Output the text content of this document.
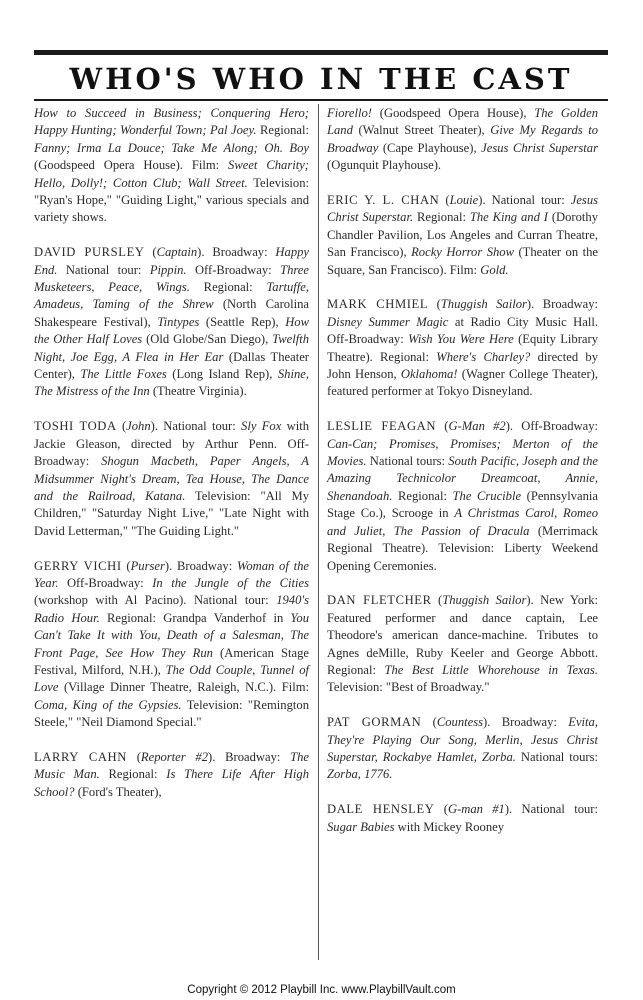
WHO'S WHO IN THE CAST

How to Succeed in Business; Conquering Hero; Happy Hunting; Wonderful Town; Pal Joey. Regional: Fanny; Irma La Douce; Take Me Along; Oh. Boy (Goodspeed Opera House). Film: Sweet Charity; Hello, Dolly!; Cotton Club; Wall Street. Television: "Ryan's Hope," "Guiding Light," various specials and variety shows.

DAVID PURSLEY (Captain). Broadway: Happy End. National tour: Pippin. Off-Broadway: Three Musketeers, Peace, Wings. Regional: Tartuffe, Amadeus, Taming of the Shrew (North Carolina Shakespeare Festival), Tintypes (Seattle Rep), How the Other Half Loves (Old Globe/San Diego), Twelfth Night, Joe Egg, A Flea in Her Ear (Dallas Theater Center), The Little Foxes (Long Island Rep), Shine, The Mistress of the Inn (Theatre Virginia).

TOSHI TODA (John). National tour: Sly Fox with Jackie Gleason, directed by Arthur Penn. Off-Broadway: Shogun Macbeth, Paper Angels, A Midsummer Night's Dream, Tea House, The Dance and the Railroad, Katana. Television: "All My Children," "Saturday Night Live," "Late Night with David Letterman," "The Guiding Light."

GERRY VICHI (Purser). Broadway: Woman of the Year. Off-Broadway: In the Jungle of the Cities (workshop with Al Pacino). National tour: 1940's Radio Hour. Regional: Grandpa Vanderhof in You Can't Take It with You, Death of a Salesman, The Front Page, See How They Run (American Stage Festival, Milford, N.H.), The Odd Couple, Tunnel of Love (Village Dinner Theatre, Raleigh, N.C.). Film: Coma, King of the Gypsies. Television: "Remington Steele," "Neil Diamond Special."

LARRY CAHN (Reporter #2). Broadway: The Music Man. Regional: Is There Life After High School? (Ford's Theater),

Fiorello! (Goodspeed Opera House), The Golden Land (Walnut Street Theater), Give My Regards to Broadway (Cape Playhouse), Jesus Christ Superstar (Ogunquit Playhouse).

ERIC Y. L. CHAN (Louie). National tour: Jesus Christ Superstar. Regional: The King and I (Dorothy Chandler Pavilion, Los Angeles and Curran Theatre, San Francisco), Rocky Horror Show (Theater on the Square, San Francisco). Film: Gold.

MARK CHMIEL (Thuggish Sailor). Broadway: Disney Summer Magic at Radio City Music Hall. Off-Broadway: Wish You Were Here (Equity Library Theatre). Regional: Where's Charley? directed by John Henson, Oklahoma! (Wagner College Theater), featured performer at Tokyo Disneyland.

LESLIE FEAGAN (G-Man #2). Off-Broadway: Can-Can; Promises, Promises; Merton of the Movies. National tours: South Pacific, Joseph and the Amazing Technicolor Dreamcoat, Annie, Shenandoah. Regional: The Crucible (Pennsylvania Stage Co.), Scrooge in A Christmas Carol, Romeo and Juliet, The Passion of Dracula (Merrimack Regional Theatre). Television: Liberty Weekend Opening Ceremonies.

DAN FLETCHER (Thuggish Sailor). New York: Featured performer and dance captain, Lee Theodore's american dance-machine. Tributes to Agnes deMille, Ruby Keeler and George Abbott. Regional: The Best Little Whorehouse in Texas. Television: "Best of Broadway."

PAT GORMAN (Countess). Broadway: Evita, They're Playing Our Song, Merlin, Jesus Christ Superstar, Rockabye Hamlet, Zorba. National tours: Zorba, 1776.

DALE HENSLEY (G-man #1). National tour: Sugar Babies with Mickey Rooney

Copyright © 2012 Playbill Inc. www.PlaybillVault.com
